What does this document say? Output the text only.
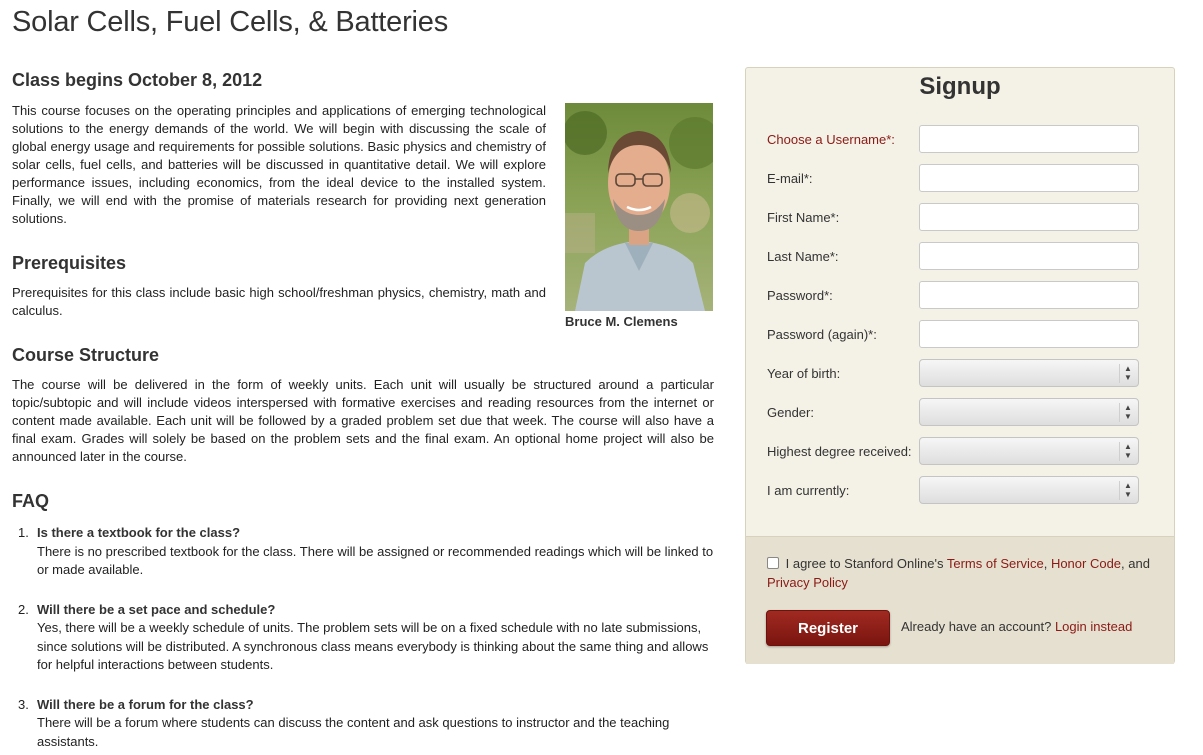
Solar Cells, Fuel Cells, & Batteries
Class begins October 8, 2012

This course focuses on the operating principles and applications of emerging technological solutions to the energy demands of the world. We will begin with discussing the scale of global energy usage and requirements for possible solutions. Basic physics and chemistry of solar cells, fuel cells, and batteries will be discussed in quantitative detail. We will explore performance issues, including economics, from the ideal device to the installed system. Finally, we will end with the promise of materials research for providing next generation solutions.

Bruce M. Clemens
Prerequisites

Prerequisites for this class include basic high school/freshman physics, chemistry, math and calculus.

Course Structure

The course will be delivered in the form of weekly units. Each unit will usually be structured around a particular topic/subtopic and will include videos interspersed with formative exercises and reading resources from the internet or content made available. Each unit will be followed by a graded problem set due that week. The course will also have a final exam. Grades will solely be based on the problem sets and the final exam. An optional home project will also be announced later in the course.

FAQ
1. Is there a textbook for the class?
There is no prescribed textbook for the class. There will be assigned or recommended readings which will be linked to or made available.
2. Will there be a set pace and schedule?
Yes, there will be a weekly schedule of units. The problem sets will be on a fixed schedule with no late submissions, since solutions will be distributed. A synchronous class means everybody is thinking about the same thing and allows for helpful interactions between students.
3. Will there be a forum for the class?
There will be a forum where students can discuss the content and ask questions to instructor and the teaching assistants.
Signup
Choose a Username*:
E-mail*:
First Name*:
Last Name*:
Password*:
Password (again)*:
Year of birth:	▲
▼
Gender:	▲
▼
Highest degree received:	▲
▼
I am currently:	▲
▼
I agree to Stanford Online's Terms of Service, Honor Code, and Privacy Policy
Register	Already have an account? Login instead
